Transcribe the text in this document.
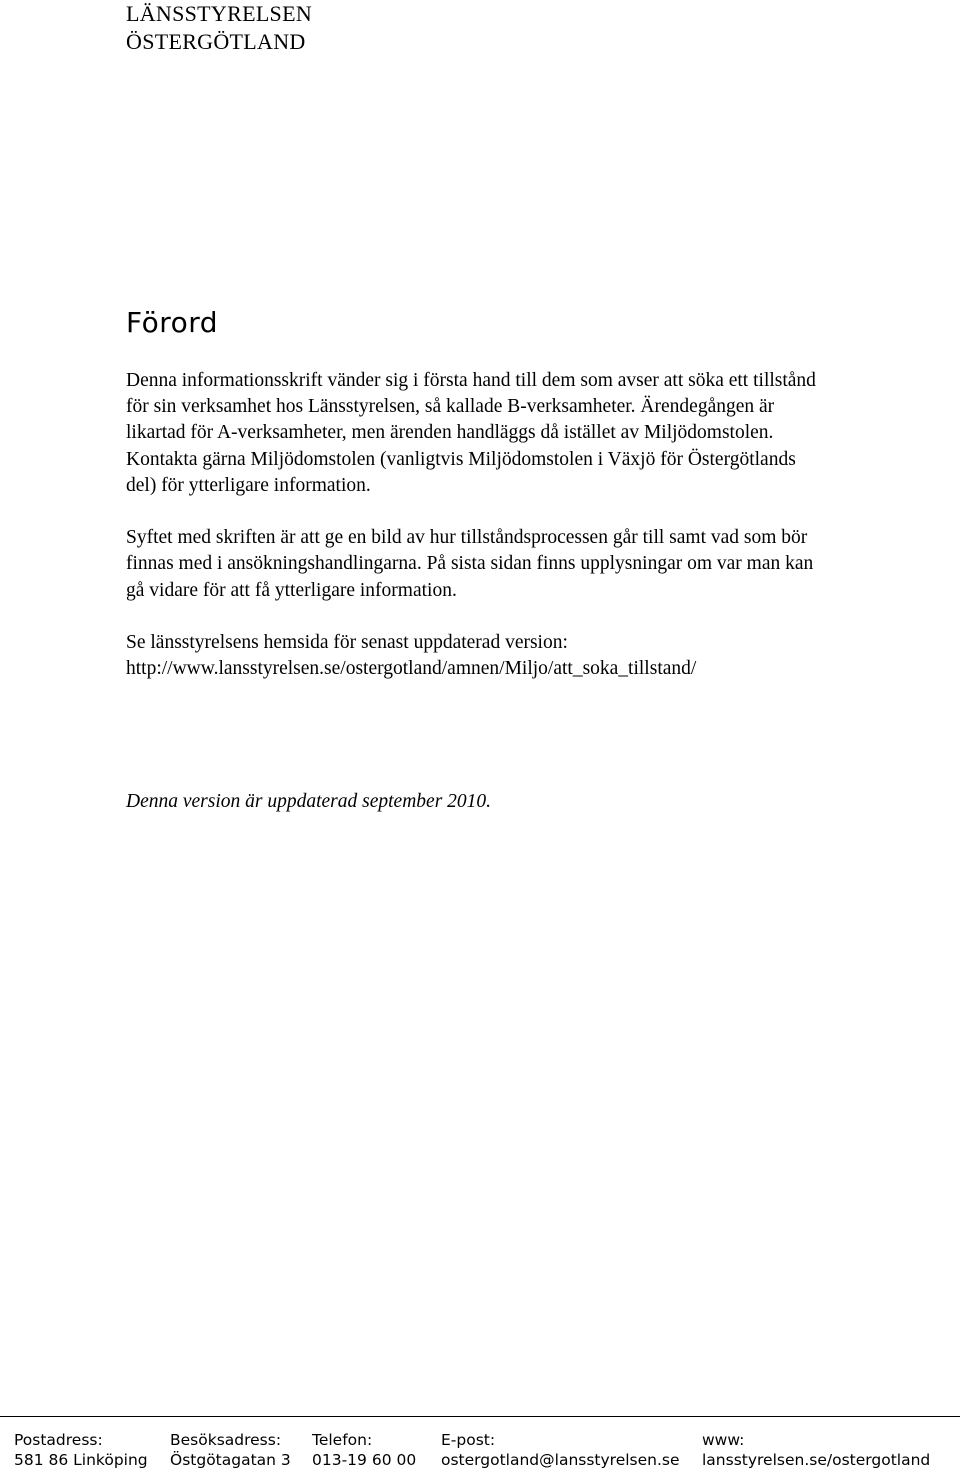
LÄNSSTYRELSEN
ÖSTERGÖTLAND
Förord

Denna informationsskrift vänder sig i första hand till dem som avser att söka ett tillstånd för sin verksamhet hos Länsstyrelsen, så kallade B-verksamheter. Ärendegången är likartad för A-verksamheter, men ärenden handläggs då istället av Miljödomstolen. Kontakta gärna Miljödomstolen (vanligtvis Miljödomstolen i Växjö för Östergötlands del) för ytterligare information.

Syftet med skriften är att ge en bild av hur tillståndsprocessen går till samt vad som bör finnas med i ansökningshandlingarna. På sista sidan finns upplysningar om var man kan gå vidare för att få ytterligare information.

Se länsstyrelsens hemsida för senast uppdaterad version:
http://www.lansstyrelsen.se/ostergotland/amnen/Miljo/att_soka_tillstand/

Denna version är uppdaterad september 2010.
Postadress:
581 86 Linköping
Besöksadress:
Östgötagatan 3
Telefon:
013-19 60 00
E-post:
ostergotland@lansstyrelsen.se
www:
lansstyrelsen.se/ostergotland
